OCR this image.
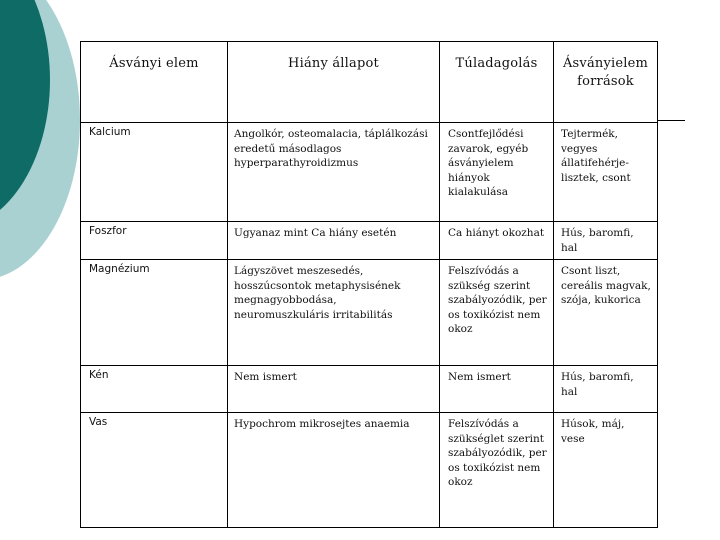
Ásványi elem	Hiány állapot	Túladagolás	Ásványielem források
Kalcium	Angolkór, osteomalacia, táplálkozási eredetű másodlagos hyperparathyroidizmus	Csontfejlődési zavarok, egyéb ásványielem hiányok kialakulása	Tejtermék, vegyes állatifehérje-lisztek, csont
Foszfor	Ugyanaz mint Ca hiány esetén	Ca hiányt okozhat	Hús, baromfi, hal
Magnézium	Lágyszövet meszesedés, hosszúcsontok metaphysisének megnagyobbodása, neuromuszkuláris irritabilitás	Felszívódás a szükség szerint szabályozódik, per os toxikózist nem okoz	Csont liszt, cereális magvak, szója, kukorica
Kén	Nem ismert	Nem ismert	Hús, baromfi, hal
Vas	Hypochrom mikrosejtes anaemia	Felszívódás a szükséglet szerint szabályozódik, per os toxikózist nem okoz	Húsok, máj, vese
